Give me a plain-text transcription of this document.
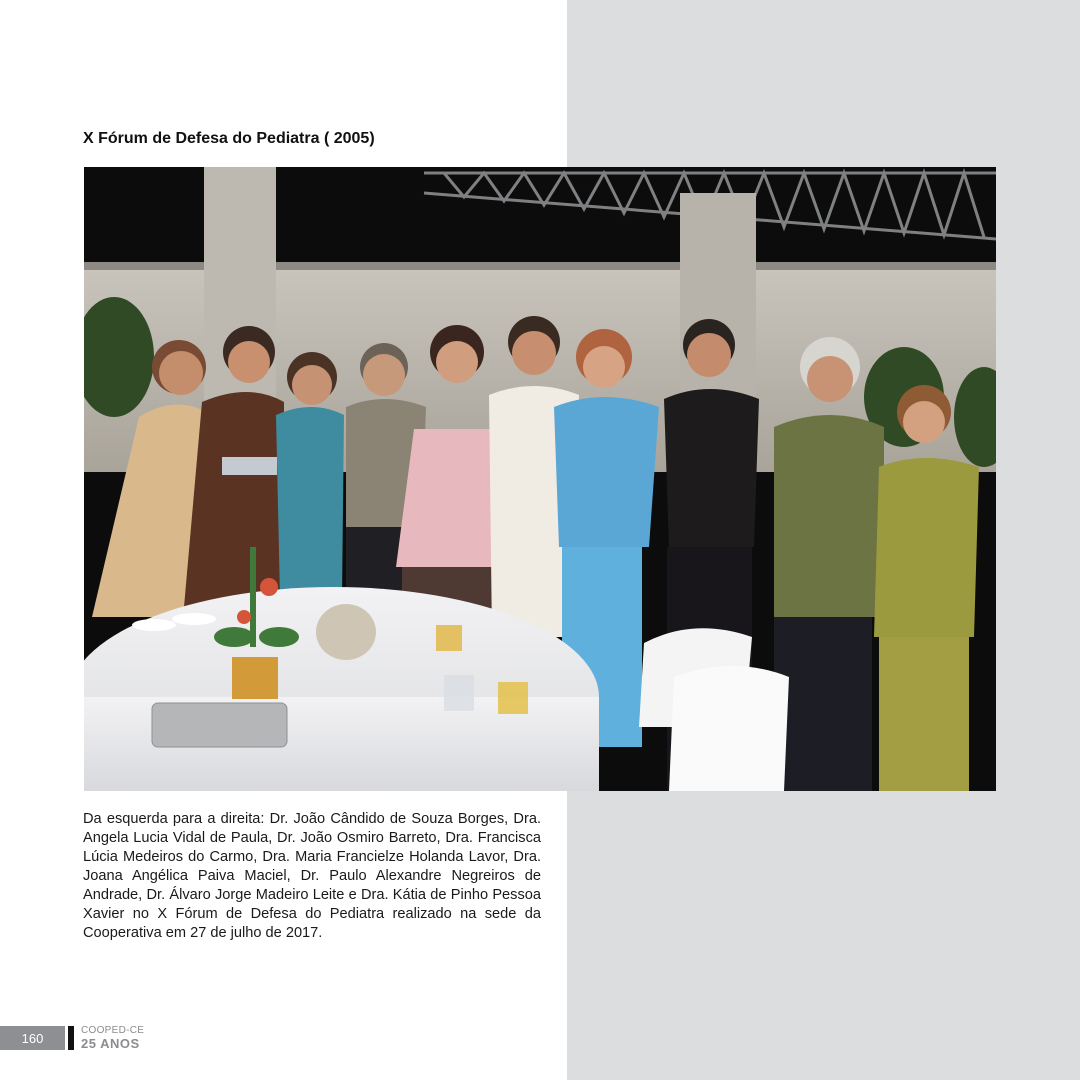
X Fórum de Defesa do Pediatra ( 2005)

Da esquerda para a direita: Dr. João Cândido de Souza Borges, Dra. Angela Lucia Vidal de Paula, Dr. João Osmiro Barreto, Dra. Francisca Lúcia Medeiros do Carmo, Dra. Maria Francielze Holanda Lavor, Dra. Joana Angélica Paiva Maciel, Dr. Paulo Alexandre Negreiros de Andrade, Dr. Álvaro Jorge Madeiro Leite e Dra. Kátia de Pinho Pessoa Xavier no X Fórum de Defesa do Pediatra realizado na sede da Cooperativa em 27 de julho de 2017.

160	COOPED-CE
25 ANOS
